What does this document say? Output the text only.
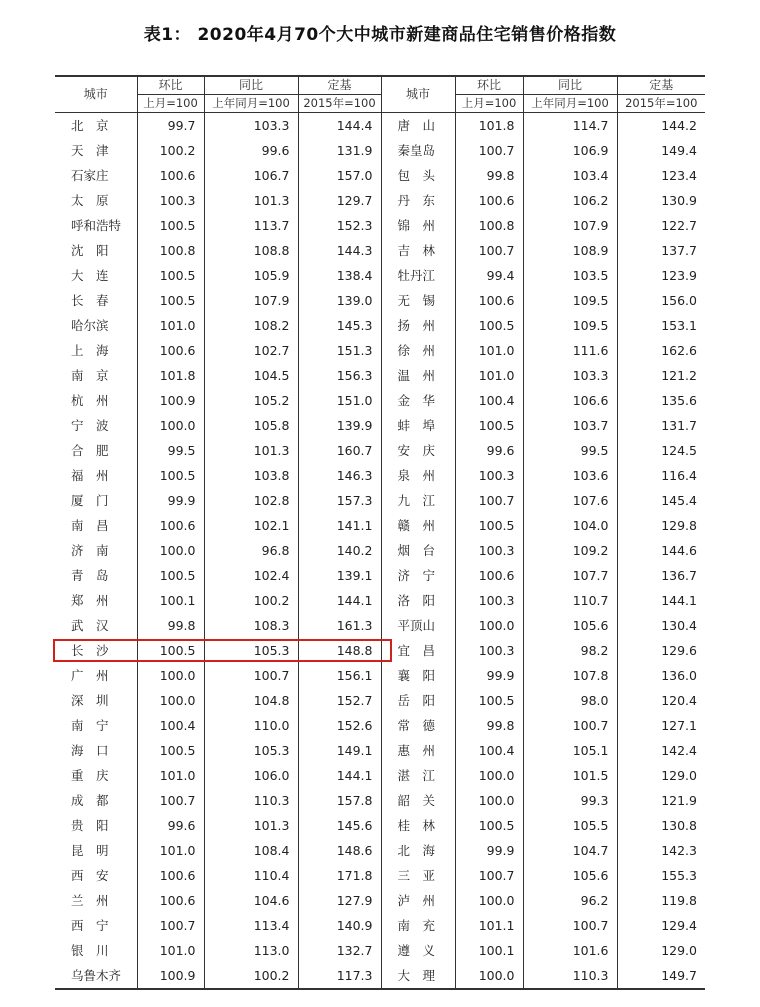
表1： 2020年4月70个大中城市新建商品住宅销售价格指数
城市	环比	同比	定基	城市	环比	同比	定基
	上月=100	上年同月=100	2015年=100		上月=100	上年同月=100	2015年=100
北　京	99.7	103.3	144.4	唐　山	101.8	114.7	144.2
天　津	100.2	99.6	131.9	秦皇岛	100.7	106.9	149.4
石家庄	100.6	106.7	157.0	包　头	99.8	103.4	123.4
太　原	100.3	101.3	129.7	丹　东	100.6	106.2	130.9
呼和浩特	100.5	113.7	152.3	锦　州	100.8	107.9	122.7
沈　阳	100.8	108.8	144.3	吉　林	100.7	108.9	137.7
大　连	100.5	105.9	138.4	牡丹江	99.4	103.5	123.9
长　春	100.5	107.9	139.0	无　锡	100.6	109.5	156.0
哈尔滨	101.0	108.2	145.3	扬　州	100.5	109.5	153.1
上　海	100.6	102.7	151.3	徐　州	101.0	111.6	162.6
南　京	101.8	104.5	156.3	温　州	101.0	103.3	121.2
杭　州	100.9	105.2	151.0	金　华	100.4	106.6	135.6
宁　波	100.0	105.8	139.9	蚌　埠	100.5	103.7	131.7
合　肥	99.5	101.3	160.7	安　庆	99.6	99.5	124.5
福　州	100.5	103.8	146.3	泉　州	100.3	103.6	116.4
厦　门	99.9	102.8	157.3	九　江	100.7	107.6	145.4
南　昌	100.6	102.1	141.1	赣　州	100.5	104.0	129.8
济　南	100.0	96.8	140.2	烟　台	100.3	109.2	144.6
青　岛	100.5	102.4	139.1	济　宁	100.6	107.7	136.7
郑　州	100.1	100.2	144.1	洛　阳	100.3	110.7	144.1
武　汉	99.8	108.3	161.3	平顶山	100.0	105.6	130.4
长　沙	100.5	105.3	148.8	宜　昌	100.3	98.2	129.6
广　州	100.0	100.7	156.1	襄　阳	99.9	107.8	136.0
深　圳	100.0	104.8	152.7	岳　阳	100.5	98.0	120.4
南　宁	100.4	110.0	152.6	常　德	99.8	100.7	127.1
海　口	100.5	105.3	149.1	惠　州	100.4	105.1	142.4
重　庆	101.0	106.0	144.1	湛　江	100.0	101.5	129.0
成　都	100.7	110.3	157.8	韶　关	100.0	99.3	121.9
贵　阳	99.6	101.3	145.6	桂　林	100.5	105.5	130.8
昆　明	101.0	108.4	148.6	北　海	99.9	104.7	142.3
西　安	100.6	110.4	171.8	三　亚	100.7	105.6	155.3
兰　州	100.6	104.6	127.9	泸　州	100.0	96.2	119.8
西　宁	100.7	113.4	140.9	南　充	101.1	100.7	129.4
银　川	101.0	113.0	132.7	遵　义	100.1	101.6	129.0
乌鲁木齐	100.9	100.2	117.3	大　理	100.0	110.3	149.7
